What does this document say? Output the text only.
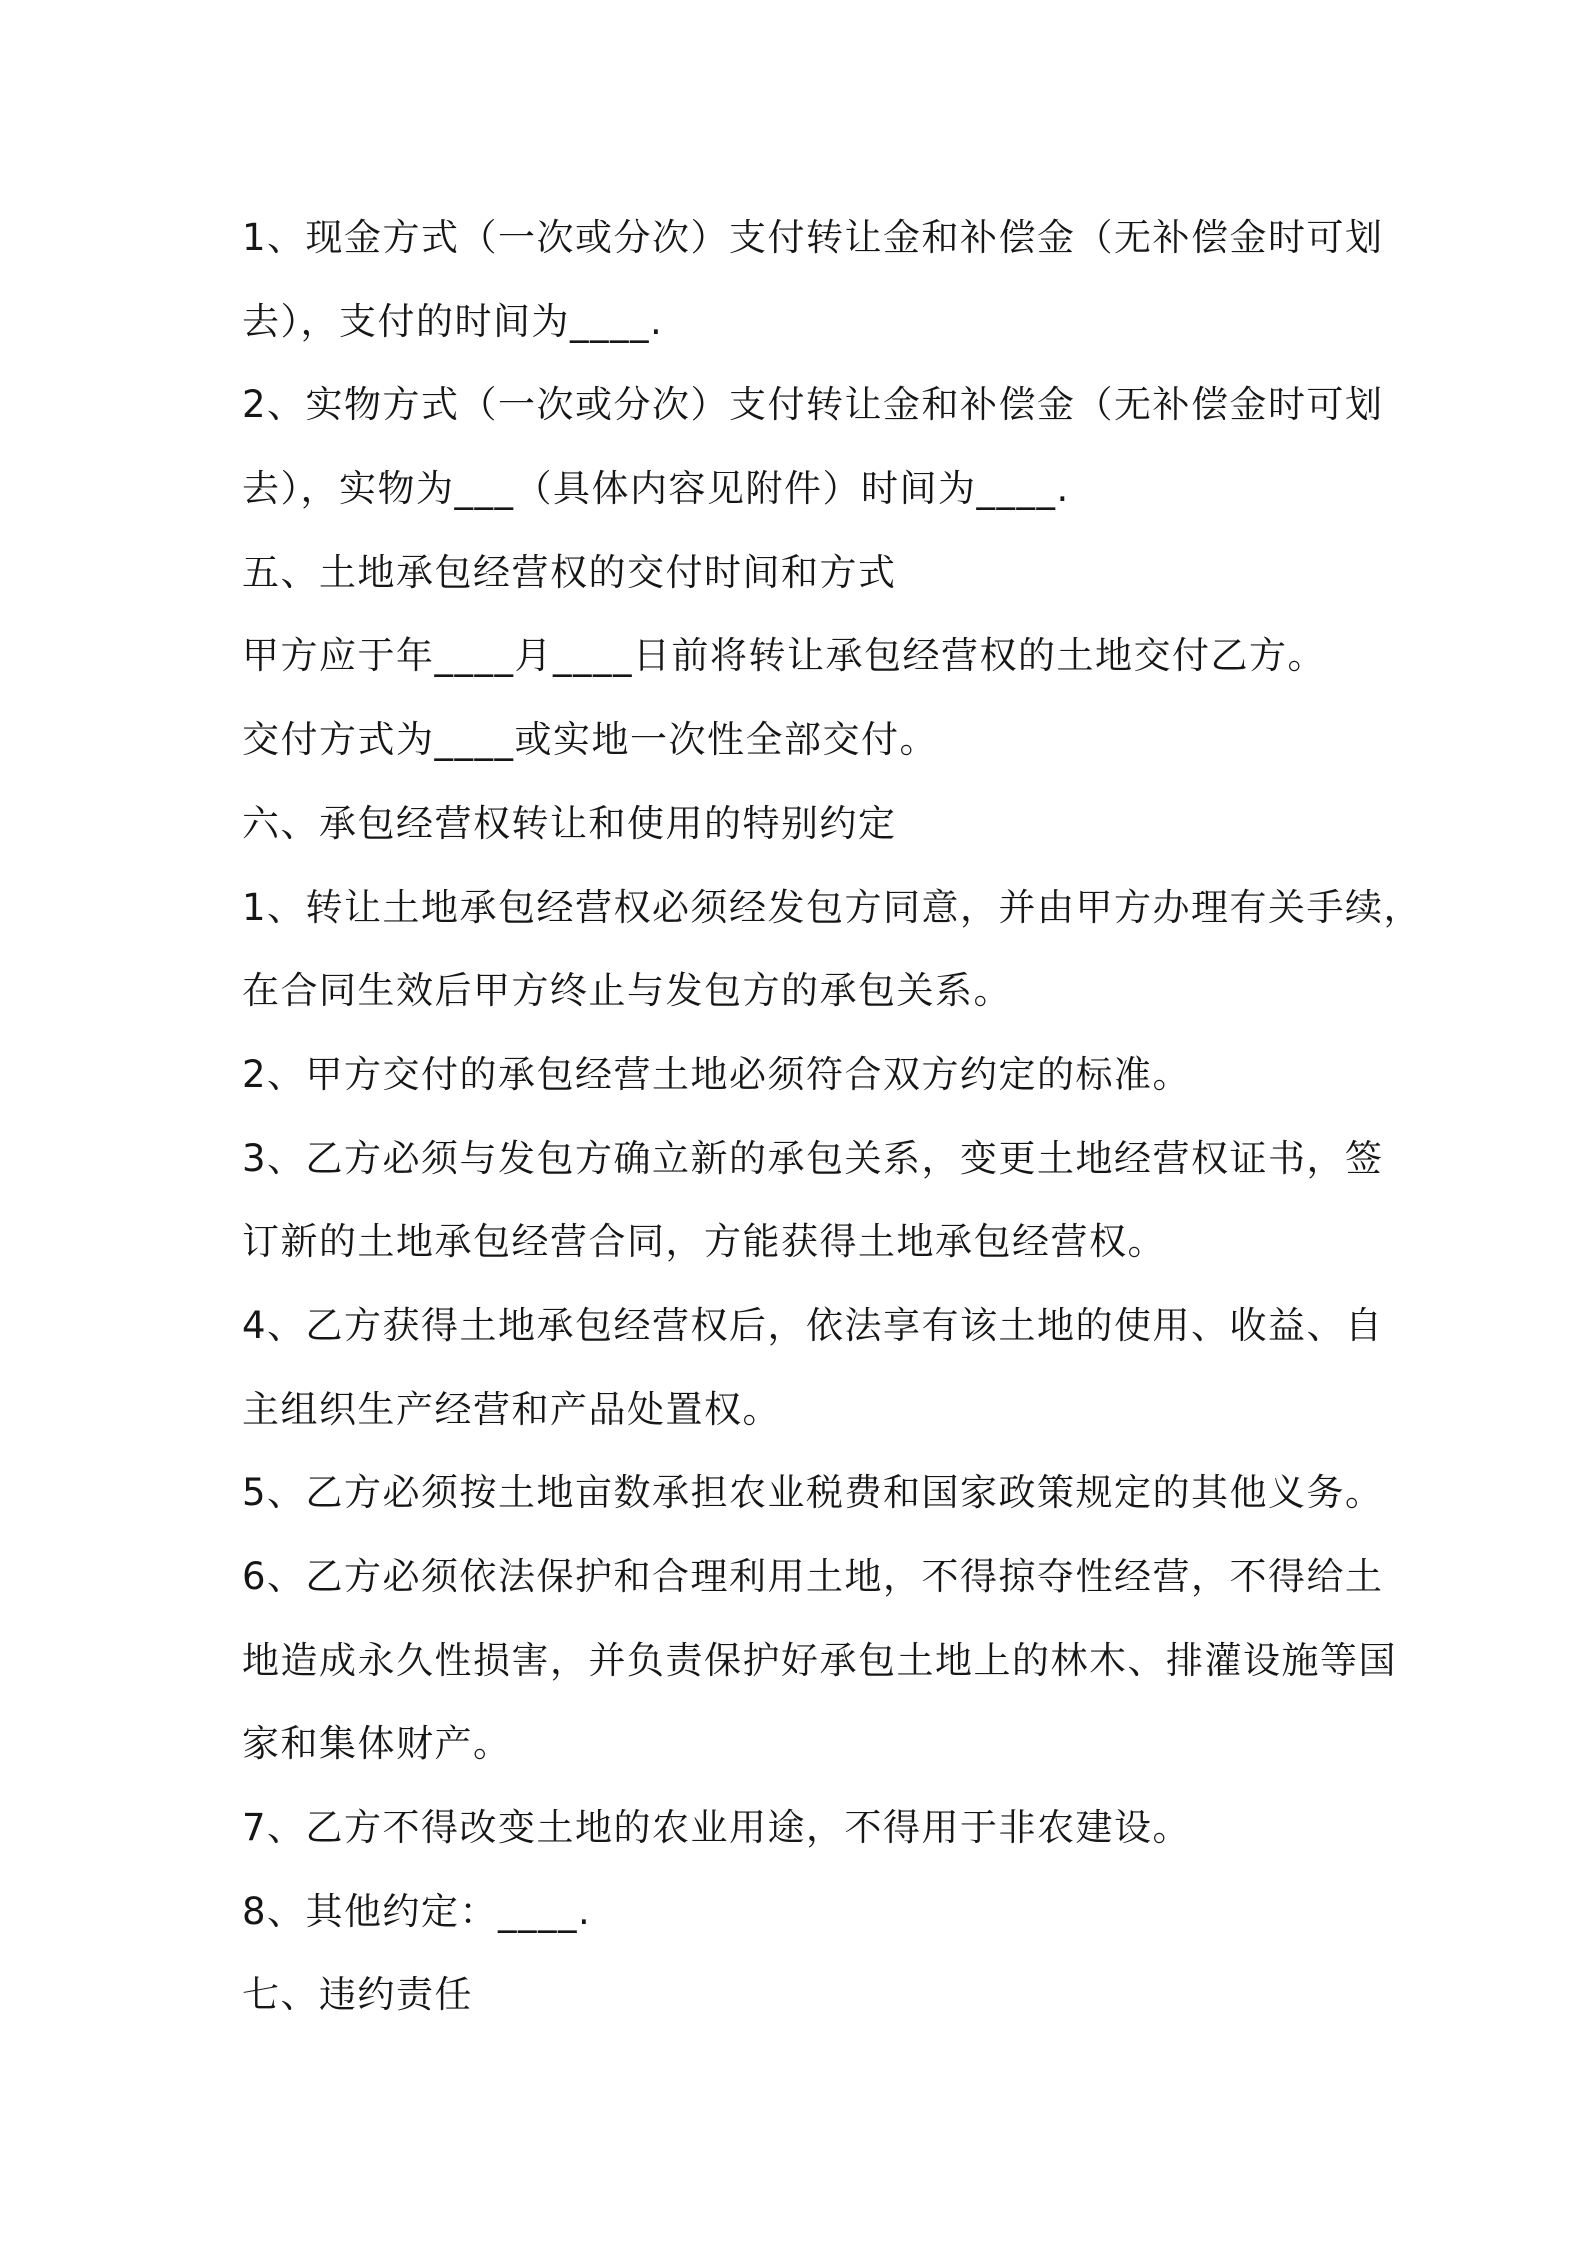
1、现金方式（一次或分次）支付转让金和补偿金（无补偿金时可划
去），支付的时间为____.
2、实物方式（一次或分次）支付转让金和补偿金（无补偿金时可划
去），实物为___（具体内容见附件）时间为____.
五、土地承包经营权的交付时间和方式
甲方应于年____月____日前将转让承包经营权的土地交付乙方。
交付方式为____或实地一次性全部交付。
六、承包经营权转让和使用的特别约定
1、转让土地承包经营权必须经发包方同意，并由甲方办理有关手续，
在合同生效后甲方终止与发包方的承包关系。
2、甲方交付的承包经营土地必须符合双方约定的标准。
3、乙方必须与发包方确立新的承包关系，变更土地经营权证书，签
订新的土地承包经营合同，方能获得土地承包经营权。
4、乙方获得土地承包经营权后，依法享有该土地的使用、收益、自
主组织生产经营和产品处置权。
5、乙方必须按土地亩数承担农业税费和国家政策规定的其他义务。
6、乙方必须依法保护和合理利用土地，不得掠夺性经营，不得给土
地造成永久性损害，并负责保护好承包土地上的林木、排灌设施等国
家和集体财产。
7、乙方不得改变土地的农业用途，不得用于非农建设。
8、其他约定：____.
七、违约责任
